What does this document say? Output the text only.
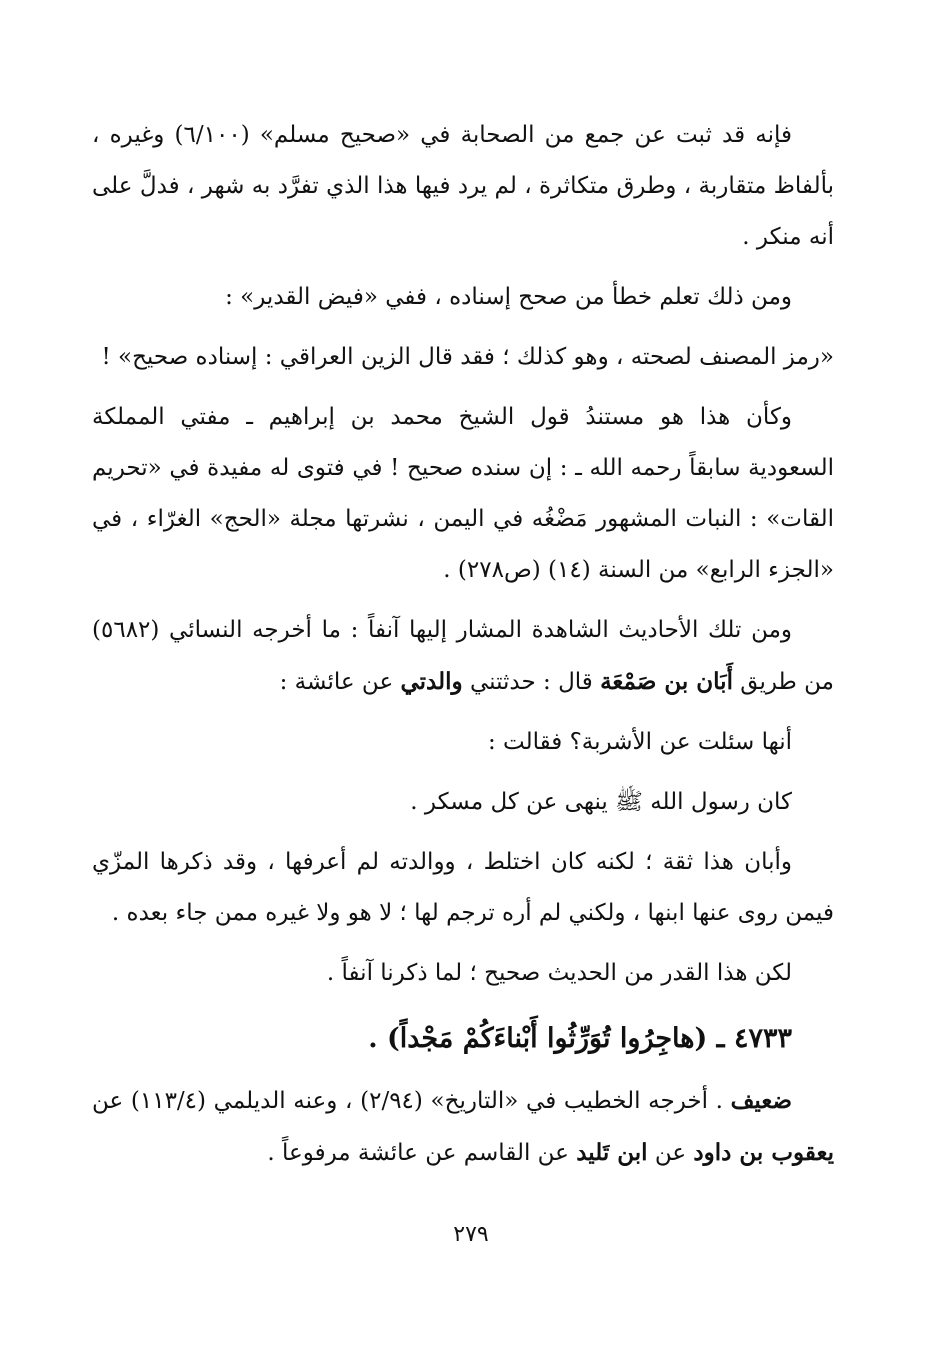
فإنه قد ثبت عن جمع من الصحابة في «صحيح مسلم» (٦/١٠٠) وغيره ، بألفاظ متقاربة ، وطرق متكاثرة ، لم يرد فيها هذا الذي تفرَّد به شهر ، فدلَّ على أنه منكر .

ومن ذلك تعلم خطأ من صحح إسناده ، ففي «فيض القدير» :

«رمز المصنف لصحته ، وهو كذلك ؛ فقد قال الزين العراقي : إسناده صحيح» !

وكأن هذا هو مستندُ قول الشيخ محمد بن إبراهيم ـ مفتي المملكة السعودية سابقاً رحمه الله ـ : إن سنده صحيح ! في فتوى له مفيدة في «تحريم القات» : النبات المشهور مَضْغُه في اليمن ، نشرتها مجلة «الحج» الغرّاء ، في «الجزء الرابع» من السنة (١٤) (ص٢٧٨) .

ومن تلك الأحاديث الشاهدة المشار إليها آنفاً : ما أخرجه النسائي (٥٦٨٢) من طريق أَبَان بن صَمْعَة قال : حدثتني والدتي عن عائشة :

أنها سئلت عن الأشربة؟ فقالت :

كان رسول الله ﷺ ينهى عن كل مسكر .

وأبان هذا ثقة ؛ لكنه كان اختلط ، ووالدته لم أعرفها ، وقد ذكرها المزّي فيمن روى عنها ابنها ، ولكني لم أره ترجم لها ؛ لا هو ولا غيره ممن جاء بعده .

لكن هذا القدر من الحديث صحيح ؛ لما ذكرنا آنفاً .

٤٧٣٣ ـ (هاجِرُوا تُوَرِّثُوا أَبْناءَكُمْ مَجْداً) .

ضعيف . أخرجه الخطيب في «التاريخ» (٢/٩٤) ، وعنه الديلمي (١١٣/٤) عن يعقوب بن داود عن ابن تَليد عن القاسم عن عائشة مرفوعاً .

٢٧٩
